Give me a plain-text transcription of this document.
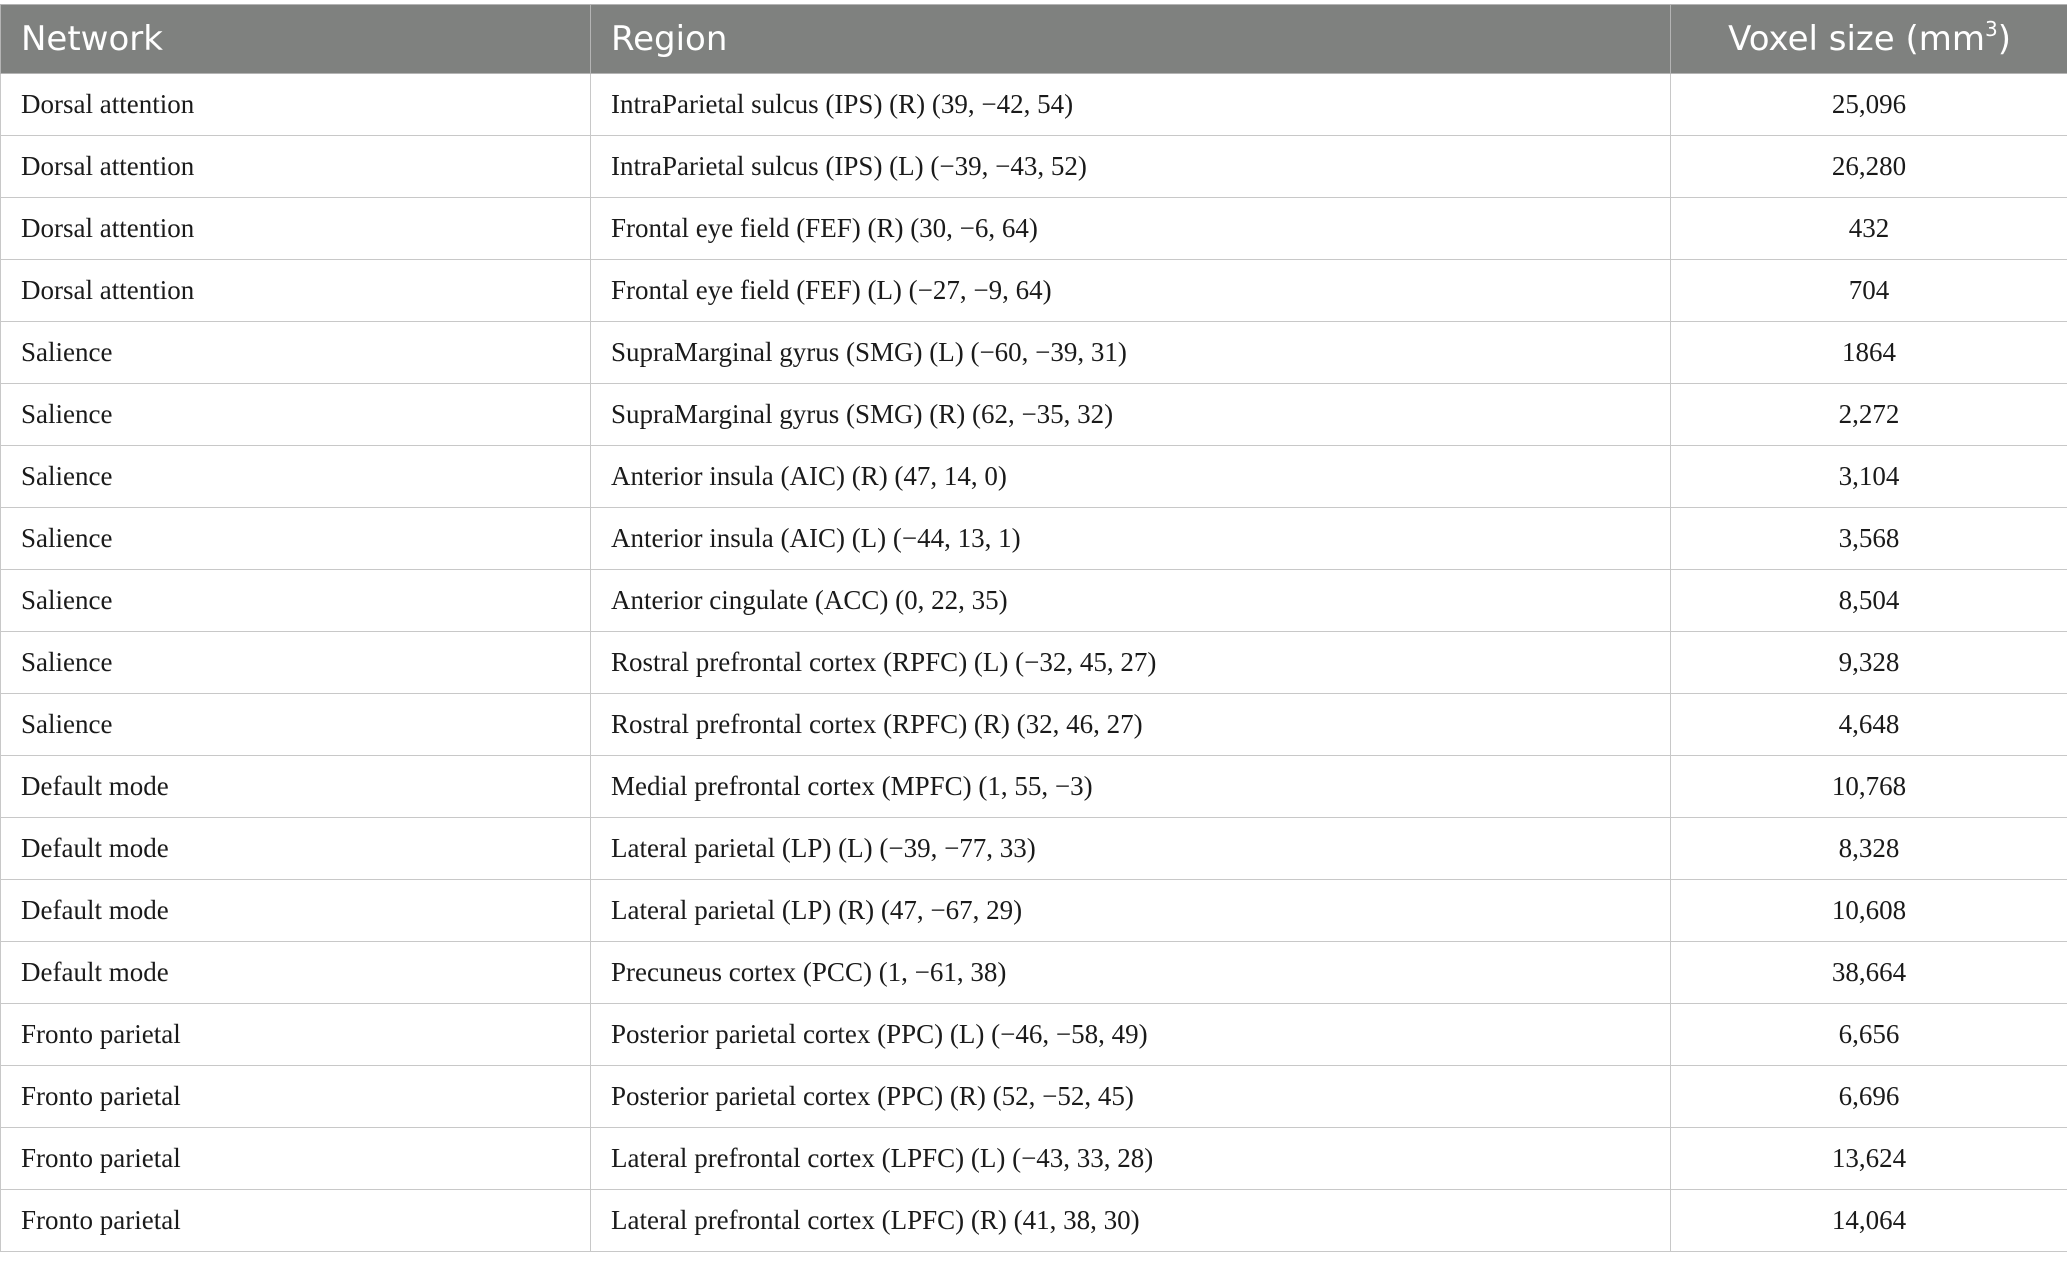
Network	Region	Voxel size $(mm^3)$
Dorsal attention	IntraParietal sulcus (IPS) (R) (39, −42, 54)	25,096
Dorsal attention	IntraParietal sulcus (IPS) (L) (−39, −43, 52)	26,280
Dorsal attention	Frontal eye field (FEF) (R) (30, −6, 64)	432
Dorsal attention	Frontal eye field (FEF) (L) (−27, −9, 64)	704
Salience	SupraMarginal gyrus (SMG) (L) (−60, −39, 31)	1864
Salience	SupraMarginal gyrus (SMG) (R) (62, −35, 32)	2,272
Salience	Anterior insula (AIC) (R) (47, 14, 0)	3,104
Salience	Anterior insula (AIC) (L) (−44, 13, 1)	3,568
Salience	Anterior cingulate (ACC) (0, 22, 35)	8,504
Salience	Rostral prefrontal cortex (RPFC) (L) (−32, 45, 27)	9,328
Salience	Rostral prefrontal cortex (RPFC) (R) (32, 46, 27)	4,648
Default mode	Medial prefrontal cortex (MPFC) (1, 55, −3)	10,768
Default mode	Lateral parietal (LP) (L) (−39, −77, 33)	8,328
Default mode	Lateral parietal (LP) (R) (47, −67, 29)	10,608
Default mode	Precuneus cortex (PCC) (1, −61, 38)	38,664
Fronto parietal	Posterior parietal cortex (PPC) (L) (−46, −58, 49)	6,656
Fronto parietal	Posterior parietal cortex (PPC) (R) (52, −52, 45)	6,696
Fronto parietal	Lateral prefrontal cortex (LPFC) (L) (−43, 33, 28)	13,624
Fronto parietal	Lateral prefrontal cortex (LPFC) (R) (41, 38, 30)	14,064
